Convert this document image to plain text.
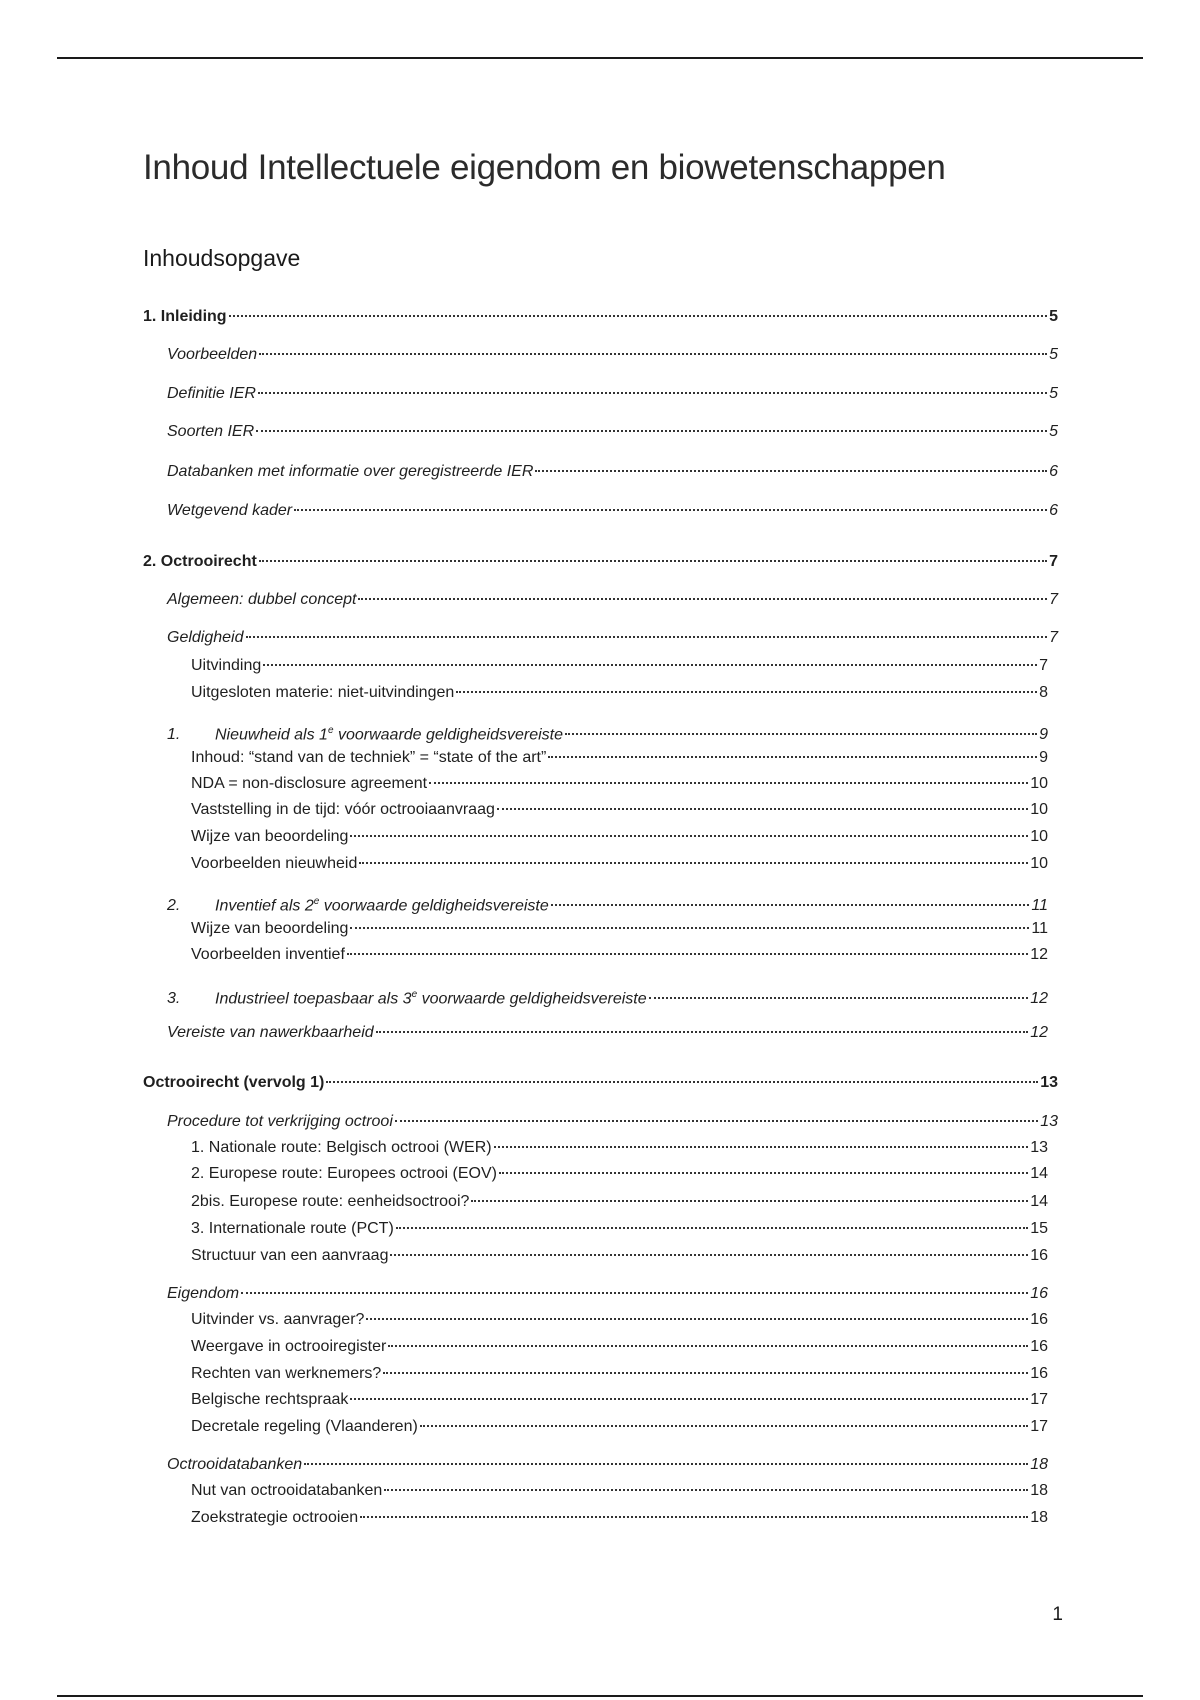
Inhoud Intellectuele eigendom en biowetenschappen
Inhoudsopgave
1. Inleiding	5
Voorbeelden	5
Definitie IER	5
Soorten IER	5
Databanken met informatie over geregistreerde IER	6
Wetgevend kader	6
2. Octrooirecht	7
Algemeen: dubbel concept	7
Geldigheid	7
Uitvinding	7
Uitgesloten materie: niet-uitvindingen	8
1. Nieuwheid als 1e voorwaarde geldigheidsvereiste	9
Inhoud: “stand van de techniek” = “state of the art”	9
NDA = non-disclosure agreement	10
Vaststelling in de tijd: vóór octrooiaanvraag	10
Wijze van beoordeling	10
Voorbeelden nieuwheid	10
2. Inventief als 2e voorwaarde geldigheidsvereiste	11
Wijze van beoordeling	11
Voorbeelden inventief	12
3. Industrieel toepasbaar als 3e voorwaarde geldigheidsvereiste	12
Vereiste van nawerkbaarheid	12
Octrooirecht (vervolg 1)	13
Procedure tot verkrijging octrooi	13
1. Nationale route: Belgisch octrooi (WER)	13
2. Europese route: Europees octrooi (EOV)	14
2bis. Europese route: eenheidsoctrooi?	14
3. Internationale route (PCT)	15
Structuur van een aanvraag	16
Eigendom	16
Uitvinder vs. aanvrager?	16
Weergave in octrooiregister	16
Rechten van werknemers?	16
Belgische rechtspraak	17
Decretale regeling (Vlaanderen)	17
Octrooidatabanken	18
Nut van octrooidatabanken	18
Zoekstrategie octrooien	18
1
